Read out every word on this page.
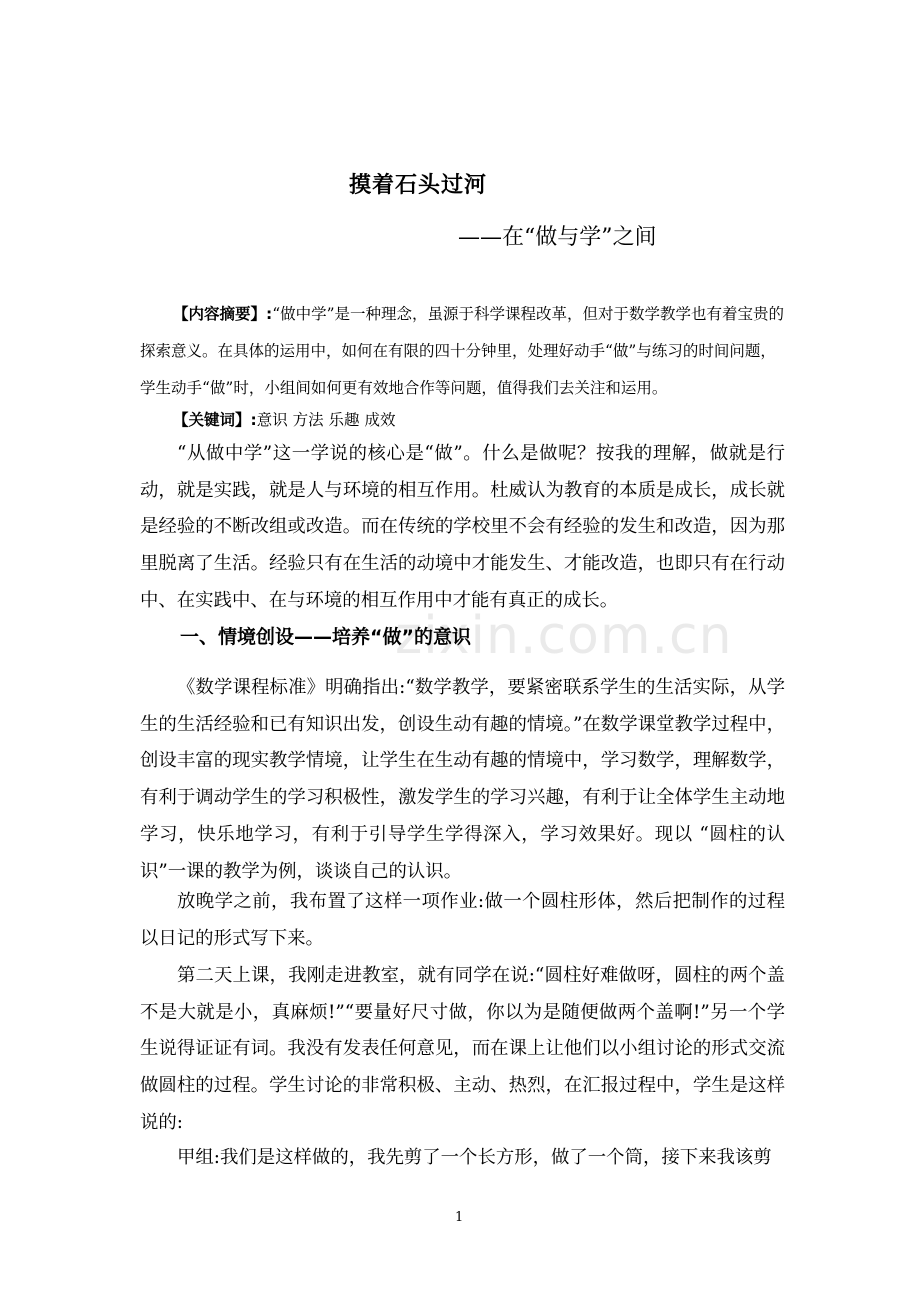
摸着石头过河
——在“做与学”之间

【内容摘要】:“做中学”是一种理念，虽源于科学课程改革，但对于数学教学也有着宝贵的探索意义。在具体的运用中，如何在有限的四十分钟里，处理好动手“做”与练习的时间问题，学生动手“做”时，小组间如何更有效地合作等问题，值得我们去关注和运用。

【关键词】:意识 方法 乐趣 成效

“从做中学”这一学说的核心是“做”。什么是做呢？按我的理解，做就是行动，就是实践，就是人与环境的相互作用。杜威认为教育的本质是成长，成长就是经验的不断改组或改造。而在传统的学校里不会有经验的发生和改造，因为那里脱离了生活。经验只有在生活的动境中才能发生、才能改造，也即只有在行动中、在实践中、在与环境的相互作用中才能有真正的成长。

zixin.com.cn
一、情境创设——培养“做”的意识

《数学课程标准》明确指出:“数学教学，要紧密联系学生的生活实际，从学生的生活经验和已有知识出发，创设生动有趣的情境。”在数学课堂教学过程中，创设丰富的现实教学情境，让学生在生动有趣的情境中，学习数学，理解数学，有利于调动学生的学习积极性，激发学生的学习兴趣，有利于让全体学生主动地学习，快乐地学习，有利于引导学生学得深入，学习效果好。现以 “圆柱的认识”一课的教学为例，谈谈自己的认识。

放晚学之前，我布置了这样一项作业:做一个圆柱形体，然后把制作的过程以日记的形式写下来。

第二天上课，我刚走进教室，就有同学在说:“圆柱好难做呀，圆柱的两个盖不是大就是小，真麻烦!”“要量好尺寸做，你以为是随便做两个盖啊!”另一个学生说得证证有词。我没有发表任何意见，而在课上让他们以小组讨论的形式交流做圆柱的过程。学生讨论的非常积极、主动、热烈，在汇报过程中，学生是这样说的:

甲组:我们是这样做的，我先剪了一个长方形，做了一个筒，接下来我该剪

1
